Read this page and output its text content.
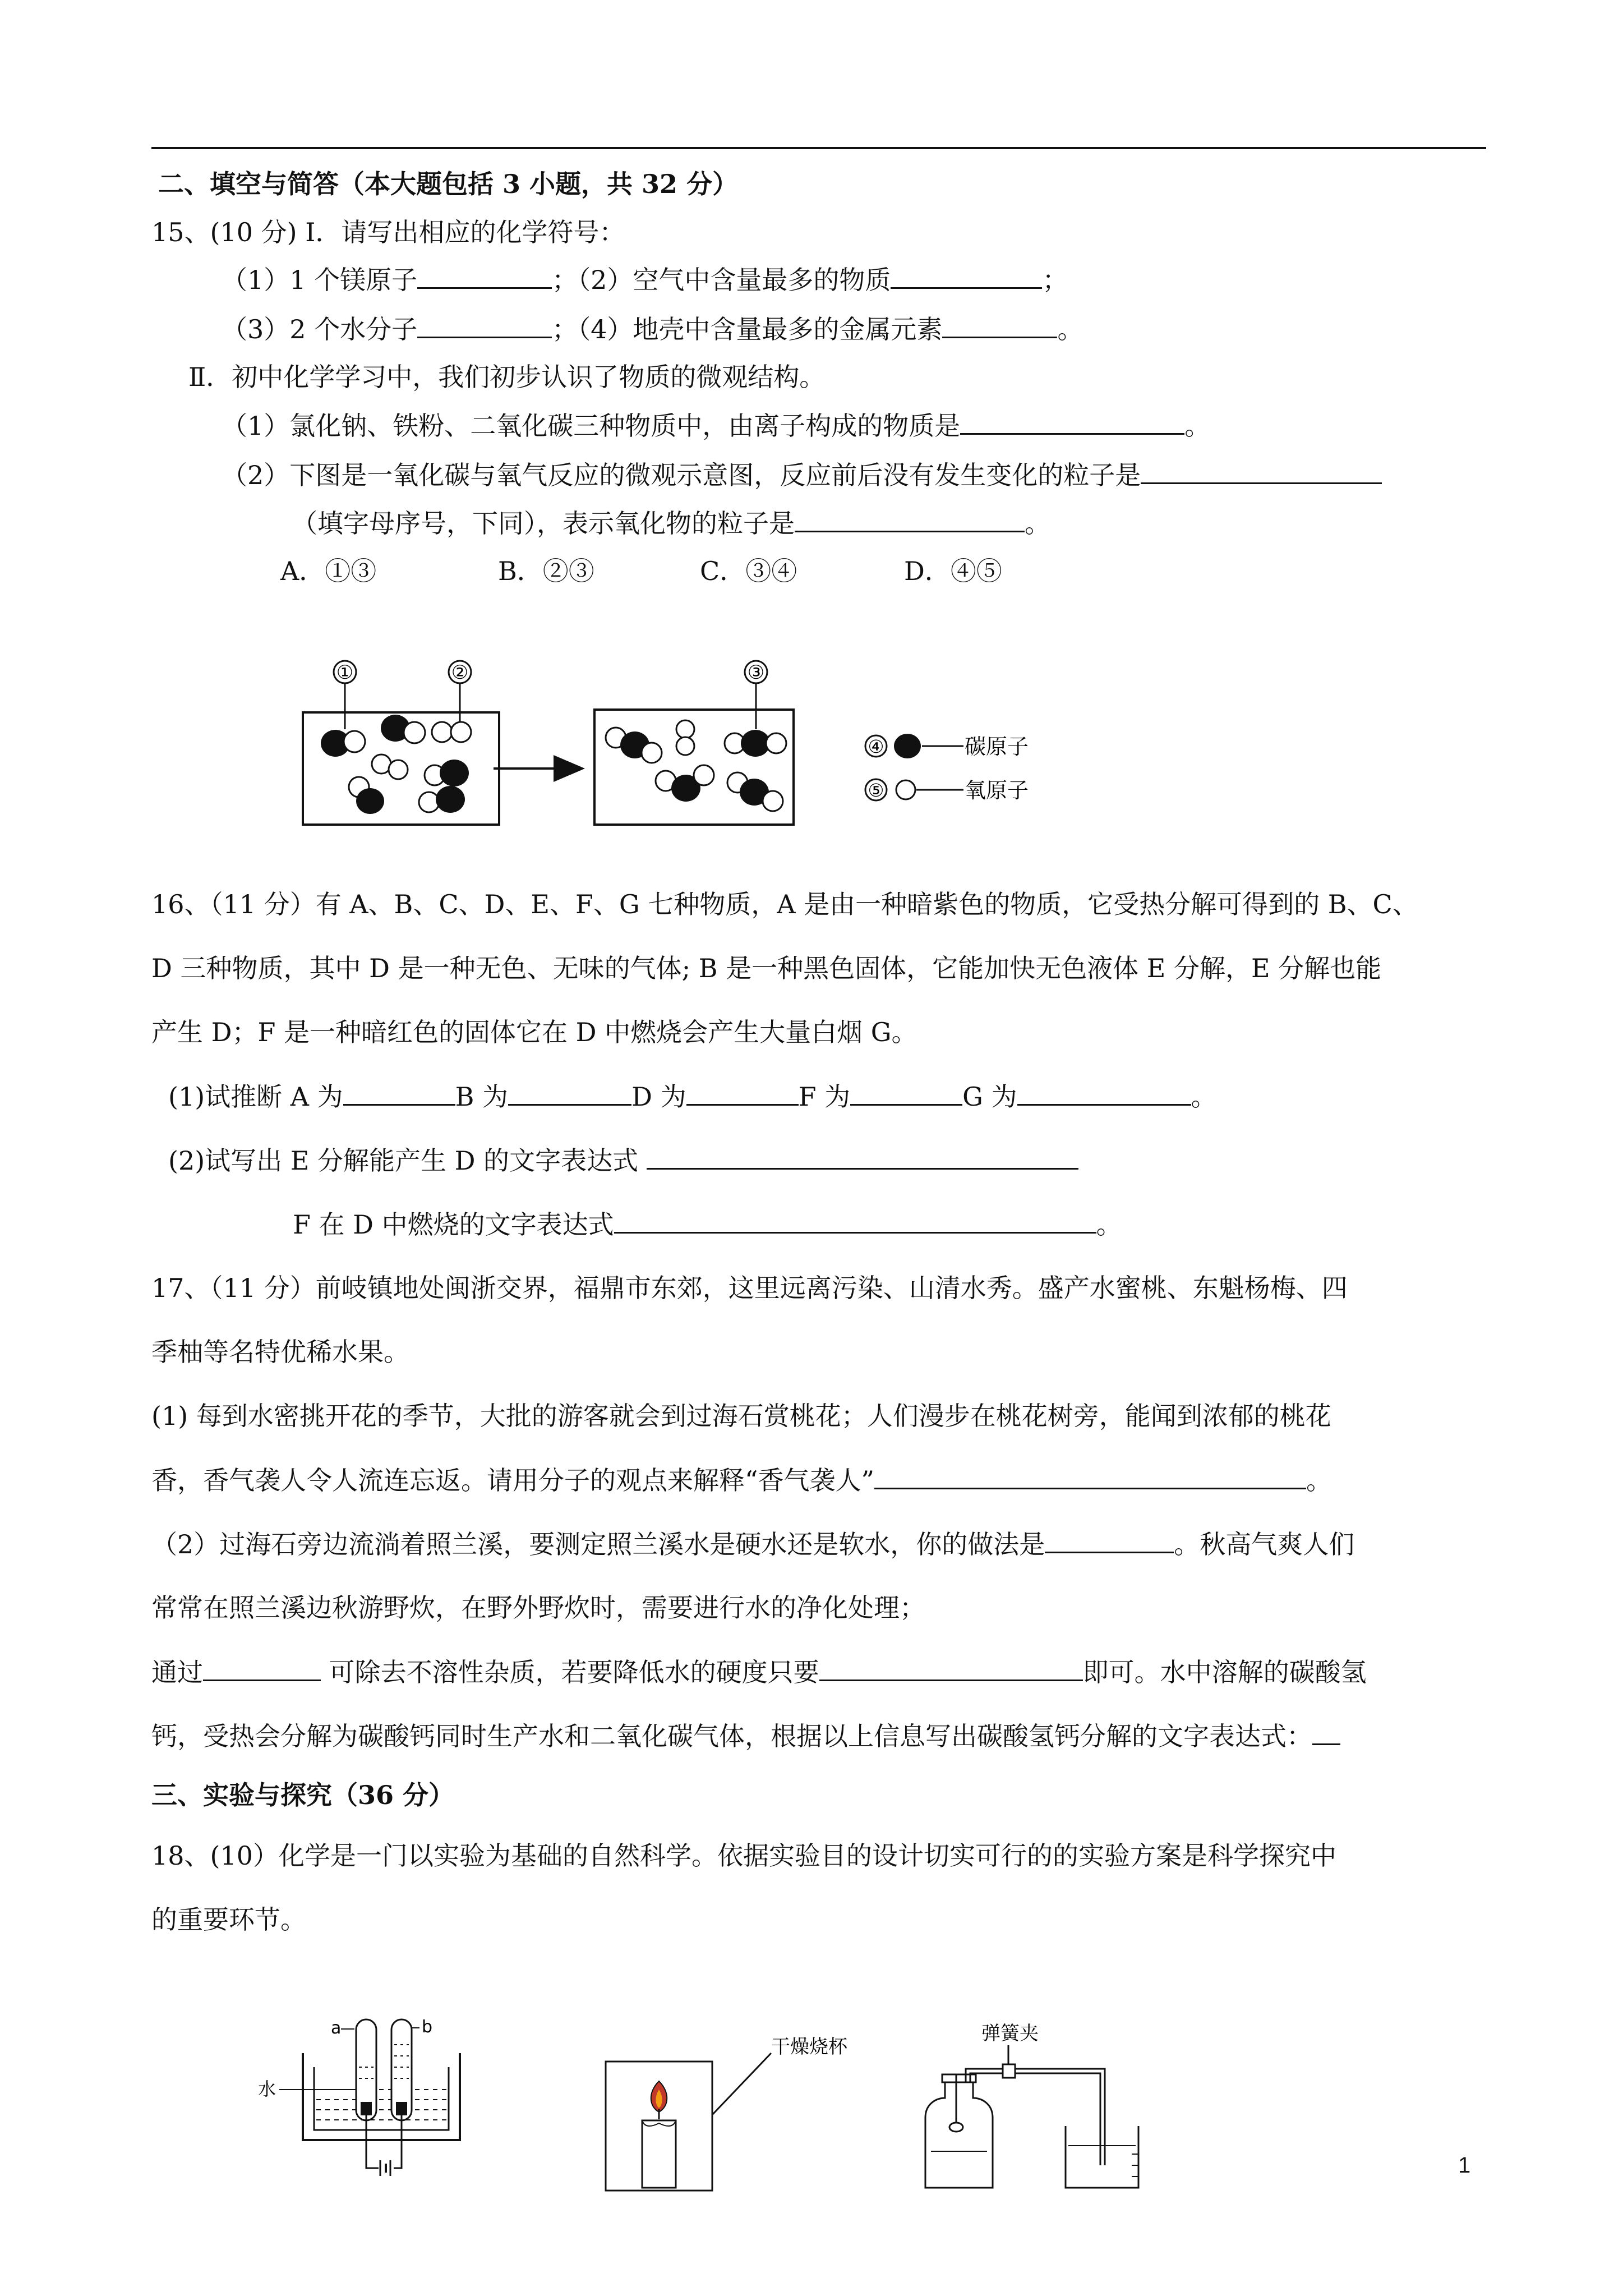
二、填空与简答（本大题包括 3 小题，共 32 分）
15、(10 分) Ⅰ．请写出相应的化学符号：
（1）1 个镁原子	；（2）空气中含量最多的物质	；
（3）2 个水分子	；（4）地壳中含量最多的金属元素	。
Ⅱ．初中化学学习中，我们初步认识了物质的微观结构。
（1）氯化钠、铁粉、二氧化碳三种物质中，由离子构成的物质是	。
（2）下图是一氧化碳与氧气反应的微观示意图，反应前后没有发生变化的粒子是
（填字母序号，下同），表示氧化物的粒子是	。
A．①③	B．②③	C．③④	D．④⑤
①	②	③
④	碳原子
⑤	氧原子
16、（11 分）有 A、B、C、D、E、F、G 七种物质，A 是由一种暗紫色的物质，它受热分解可得到的 B、C、
D 三种物质，其中 D 是一种无色、无味的气体; B 是一种黑色固体，它能加快无色液体 E 分解，E 分解也能
产生 D；F 是一种暗红色的固体它在 D 中燃烧会产生大量白烟 G。
(1)试推断 A 为	B 为	D 为	F 为	G 为	。
(2)试写出 E 分解能产生 D 的文字表达式
F 在 D 中燃烧的文字表达式	。
17、（11 分）前岐镇地处闽浙交界，福鼎市东郊，这里远离污染、山清水秀。盛产水蜜桃、东魁杨梅、四
季柚等名特优稀水果。
(1) 每到水密挑开花的季节，大批的游客就会到过海石赏桃花；人们漫步在桃花树旁，能闻到浓郁的桃花
香，香气袭人令人流连忘返。请用分子的观点来解释“香气袭人”	。
（2）过海石旁边流淌着照兰溪，要测定照兰溪水是硬水还是软水，你的做法是	。秋高气爽人们
常常在照兰溪边秋游野炊，在野外野炊时，需要进行水的净化处理；
通过	可除去不溶性杂质，若要降低水的硬度只要	即可。水中溶解的碳酸氢
钙，受热会分解为碳酸钙同时生产水和二氧化碳气体，根据以上信息写出碳酸氢钙分解的文字表达式：
三、实验与探究（36 分）
18、(10）化学是一门以实验为基础的自然科学。依据实验目的设计切实可行的的实验方案是科学探究中
的重要环节。
a	b
水
干燥烧杯
弹簧夹
1
